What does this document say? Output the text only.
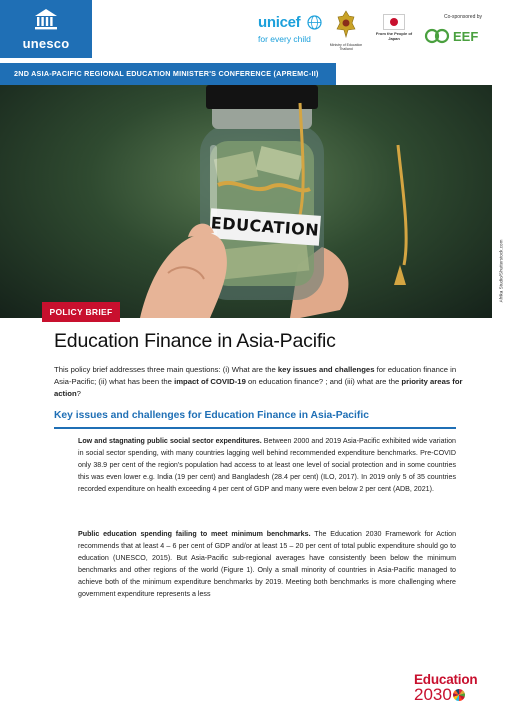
unesco
unicef
for every child
Ministry of Education Thailand
From the People of Japan
Co-sponsored by
EEF
2ND ASIA-PACIFIC REGIONAL EDUCATION MINISTER'S CONFERENCE (APREMC-II)
EDUCATION
Afrika Studio/Shutterstock.com
POLICY BRIEF
Education Finance in Asia-Pacific

This policy brief addresses three main questions: (i) What are the key issues and challenges for education finance in Asia-Pacific; (ii) what has been the impact of COVID-19 on education finance? ; and (iii) what are the priority areas for action?

Key issues and challenges for Education Finance in Asia-Pacific

Low and stagnating public social sector expenditures. Between 2000 and 2019 Asia-Pacific exhibited wide variation in social sector spending, with many countries lagging well behind recommended expenditure benchmarks. Pre-COVID only 38.9 per cent of the region's population had access to at least one level of social protection and in some countries this was even lower e.g. India (19 per cent) and Bangladesh (28.4 per cent) (ILO, 2017). In 2019 only 5 of 35 countries recorded expenditure on health exceeding 4 per cent of GDP and many were even below 2 per cent (ADB, 2021).

Public education spending failing to meet minimum benchmarks. The Education 2030 Framework for Action recommends that at least 4 – 6 per cent of GDP and/or at least 15 – 20 per cent of total public expenditure should go to education (UNESCO, 2015). But Asia-Pacific sub-regional averages have consistently been below the minimum benchmarks and other regions of the world (Figure 1). Only a small minority of countries in Asia-Pacific managed to achieve both of the minimum expenditure benchmarks by 2019. Meeting both benchmarks is more challenging where government expenditure represents a less

Education
2030
